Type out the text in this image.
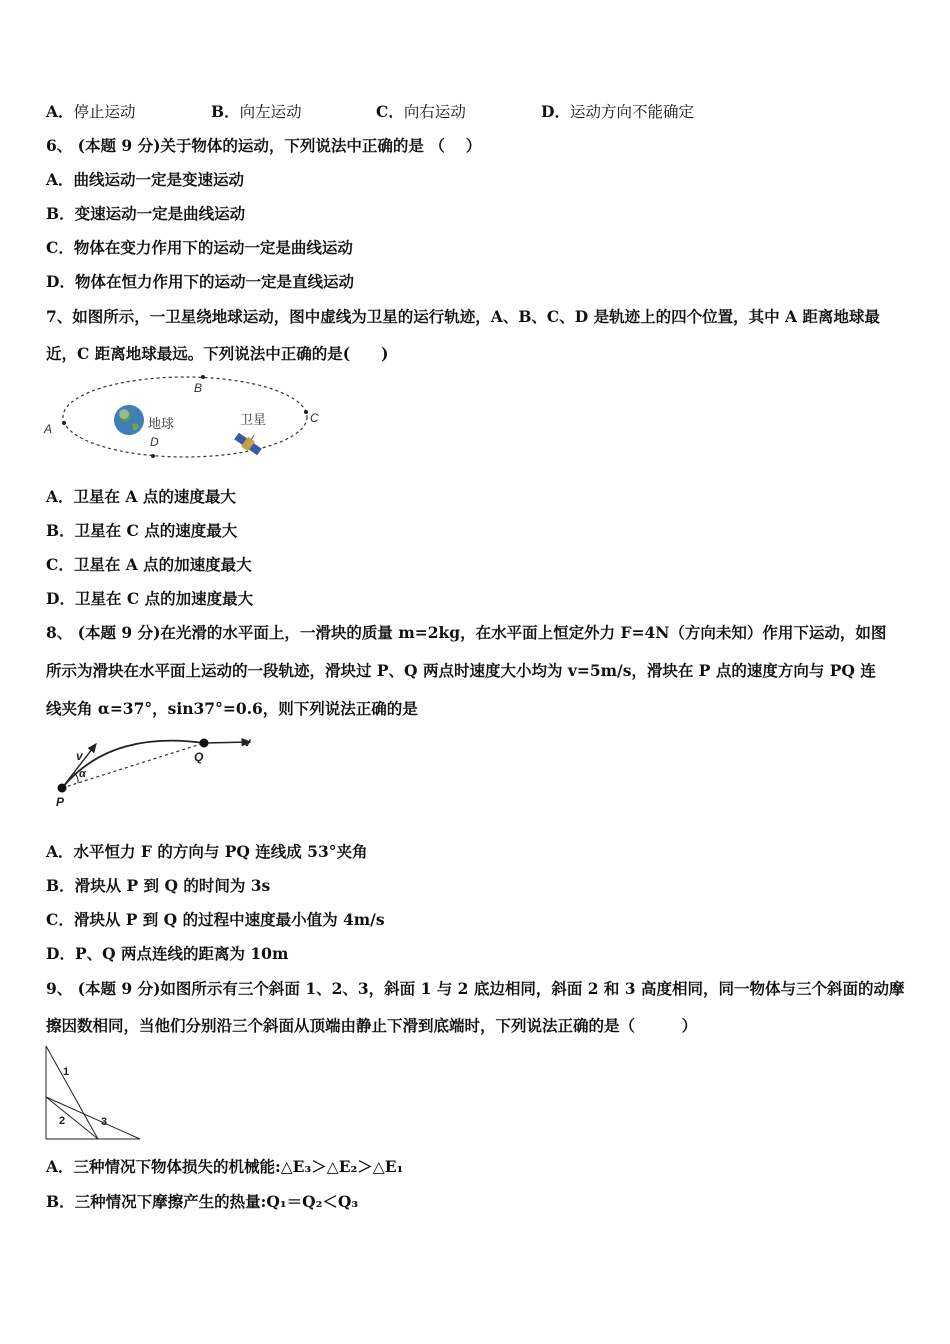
A．停止运动	B．向左运动	C．向右运动	D．运动方向不能确定
6、 (本题 9 分)关于物体的运动，下列说法中正确的是 （　 ）
A．曲线运动一定是变速运动
B．变速运动一定是曲线运动
C．物体在变力作用下的运动一定是曲线运动
D．物体在恒力作用下的运动一定是直线运动
7、如图所示，一卫星绕地球运动，图中虚线为卫星的运行轨迹，A、B、C、D 是轨迹上的四个位置，其中 A 距离地球最
近，C 距离地球最远。下列说法中正确的是(　　)
B
C
D
A	地球	卫星
A．卫星在 A 点的速度最大
B．卫星在 C 点的速度最大
C．卫星在 A 点的加速度最大
D．卫星在 C 点的加速度最大
8、 (本题 9 分)在光滑的水平面上，一滑块的质量 m=2kg，在水平面上恒定外力 F=4N（方向未知）作用下运动，如图
所示为滑块在水平面上运动的一段轨迹，滑块过 P、Q 两点时速度大小均为 v=5m/s，滑块在 P 点的速度方向与 PQ 连
线夹角 α=37°，sin37°=0.6，则下列说法正确的是
v
α
P
Q
v
A．水平恒力 F 的方向与 PQ 连线成 53°夹角
B．滑块从 P 到 Q 的时间为 3s
C．滑块从 P 到 Q 的过程中速度最小值为 4m/s
D．P、Q 两点连线的距离为 10m
9、 (本题 9 分)如图所示有三个斜面 1、2、3，斜面 1 与 2 底边相同，斜面 2 和 3 高度相同，同一物体与三个斜面的动摩
擦因数相同，当他们分别沿三个斜面从顶端由静止下滑到底端时，下列说法正确的是（　　　）
1
2	3
A．三种情况下物体损失的机械能:△E₃＞△E₂＞△E₁
B．三种情况下摩擦产生的热量:Q₁＝Q₂＜Q₃
